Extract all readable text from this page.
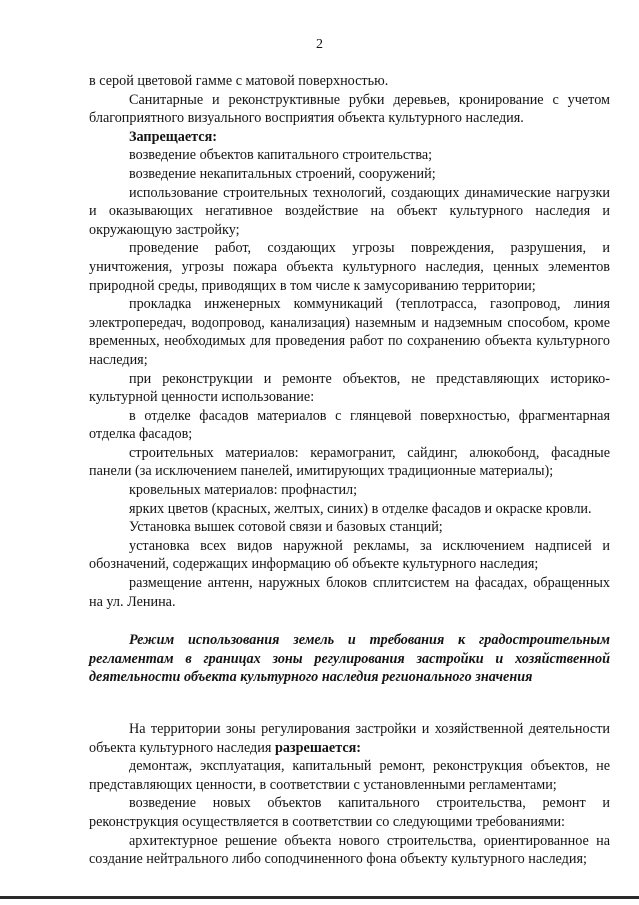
2

в серой цветовой гамме с матовой поверхностью.

Санитарные и реконструктивные рубки деревьев, кронирование с учетом благоприятного визуального восприятия объекта культурного наследия.

Запрещается:

возведение объектов капитального строительства;

возведение некапитальных строений, сооружений;

использование строительных технологий, создающих динамические нагрузки и оказывающих негативное воздействие на объект культурного наследия и окружающую застройку;

проведение работ, создающих угрозы повреждения, разрушения, и уничтожения, угрозы пожара объекта культурного наследия, ценных элементов природной среды, приводящих в том числе к замусориванию территории;

прокладка инженерных коммуникаций (теплотрасса, газопровод, линия электропередач, водопровод, канализация) наземным и надземным способом, кроме временных, необходимых для проведения работ по сохранению объекта культурного наследия;

при реконструкции и ремонте объектов, не представляющих историко-культурной ценности использование:

в отделке фасадов материалов с глянцевой поверхностью, фрагментарная отделка фасадов;

строительных материалов: керамогранит, сайдинг, алюкобонд, фасадные панели (за исключением панелей, имитирующих традиционные материалы);

кровельных материалов: профнастил;

ярких цветов (красных, желтых, синих) в отделке фасадов и окраске кровли.

Установка вышек сотовой связи и базовых станций;

установка всех видов наружной рекламы, за исключением надписей и обозначений, содержащих информацию об объекте культурного наследия;

размещение антенн, наружных блоков сплитсистем на фасадах, обращенных на ул. Ленина.

Режим использования земель и требования к градостроительным регламентам в границах зоны регулирования застройки и хозяйственной деятельности объекта культурного наследия регионального значения

На территории зоны регулирования застройки и хозяйственной деятельности объекта культурного наследия разрешается:

демонтаж, эксплуатация, капитальный ремонт, реконструкция объектов, не представляющих ценности, в соответствии с установленными регламентами;

возведение новых объектов капитального строительства, ремонт и реконструкция осуществляется в соответствии со следующими требованиями:

архитектурное решение объекта нового строительства, ориентированное на создание нейтрального либо соподчиненного фона объекту культурного наследия;
